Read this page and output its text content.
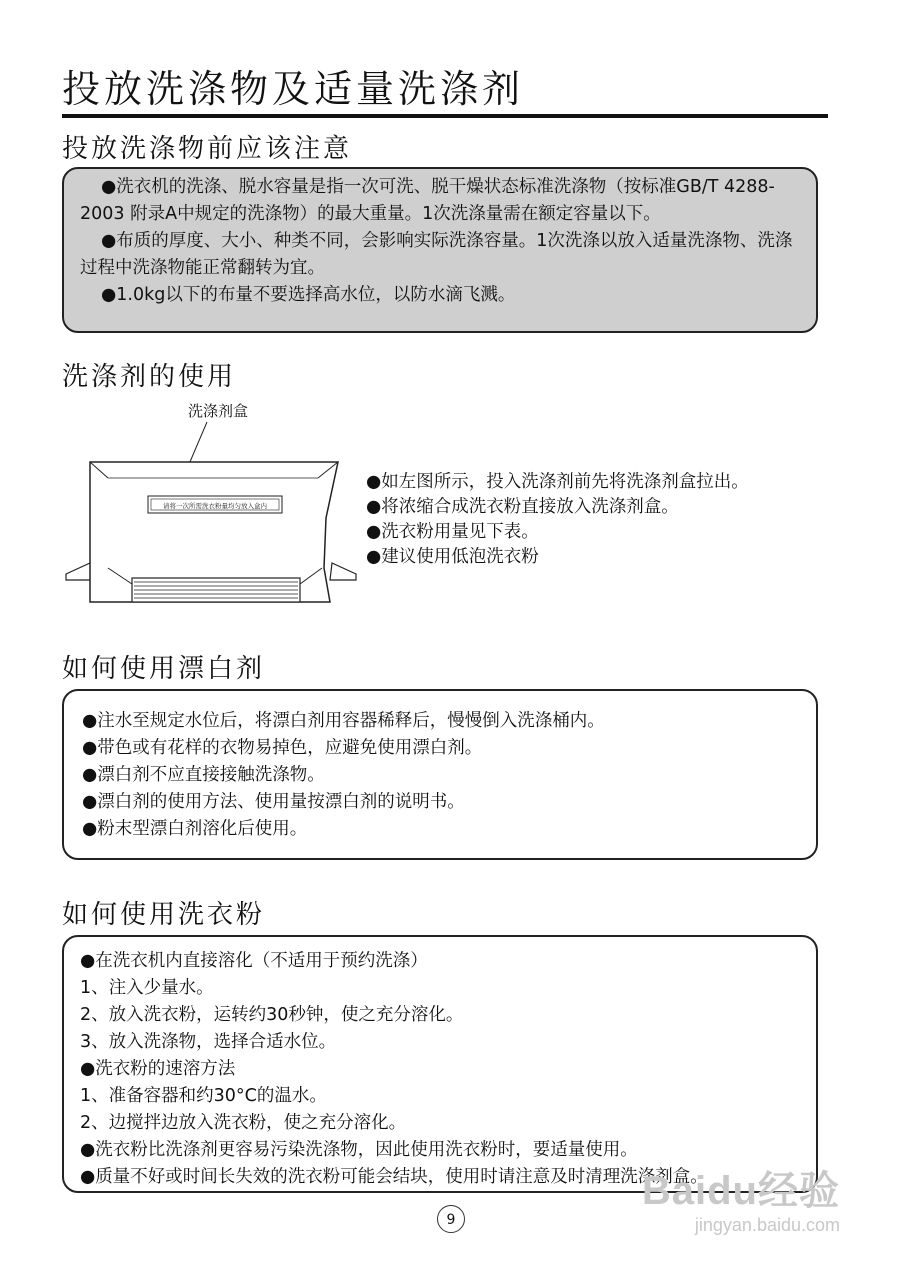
投放洗涤物及适量洗涤剂
投放洗涤物前应该注意

●洗衣机的洗涤、脱水容量是指一次可洗、脱干燥状态标准洗涤物（按标准GB/T 4288-2003 附录A中规定的洗涤物）的最大重量。1次洗涤量需在额定容量以下。

●布质的厚度、大小、种类不同，会影响实际洗涤容量。1次洗涤以放入适量洗涤物、洗涤过程中洗涤物能正常翻转为宜。

●1.0kg以下的布量不要选择高水位，以防水滴飞溅。

洗涤剂的使用
洗涤剂盒
请将一次所需洗衣粉量均匀放入盒内

●如左图所示，投入洗涤剂前先将洗涤剂盒拉出。

●将浓缩合成洗衣粉直接放入洗涤剂盒。

●洗衣粉用量见下表。

●建议使用低泡洗衣粉

如何使用漂白剂

●注水至规定水位后，将漂白剂用容器稀释后，慢慢倒入洗涤桶内。

●带色或有花样的衣物易掉色，应避免使用漂白剂。

●漂白剂不应直接接触洗涤物。

●漂白剂的使用方法、使用量按漂白剂的说明书。

●粉末型漂白剂溶化后使用。

如何使用洗衣粉

●在洗衣机内直接溶化（不适用于预约洗涤）

1、注入少量水。

2、放入洗衣粉，运转约30秒钟，使之充分溶化。

3、放入洗涤物，选择合适水位。

●洗衣粉的速溶方法

1、准备容器和约30°C的温水。

2、边搅拌边放入洗衣粉，使之充分溶化。

●洗衣粉比洗涤剂更容易污染洗涤物，因此使用洗衣粉时，要适量使用。

●质量不好或时间长失效的洗衣粉可能会结块，使用时请注意及时清理洗涤剂盒。

9
Baidu经验
jingyan.baidu.com
